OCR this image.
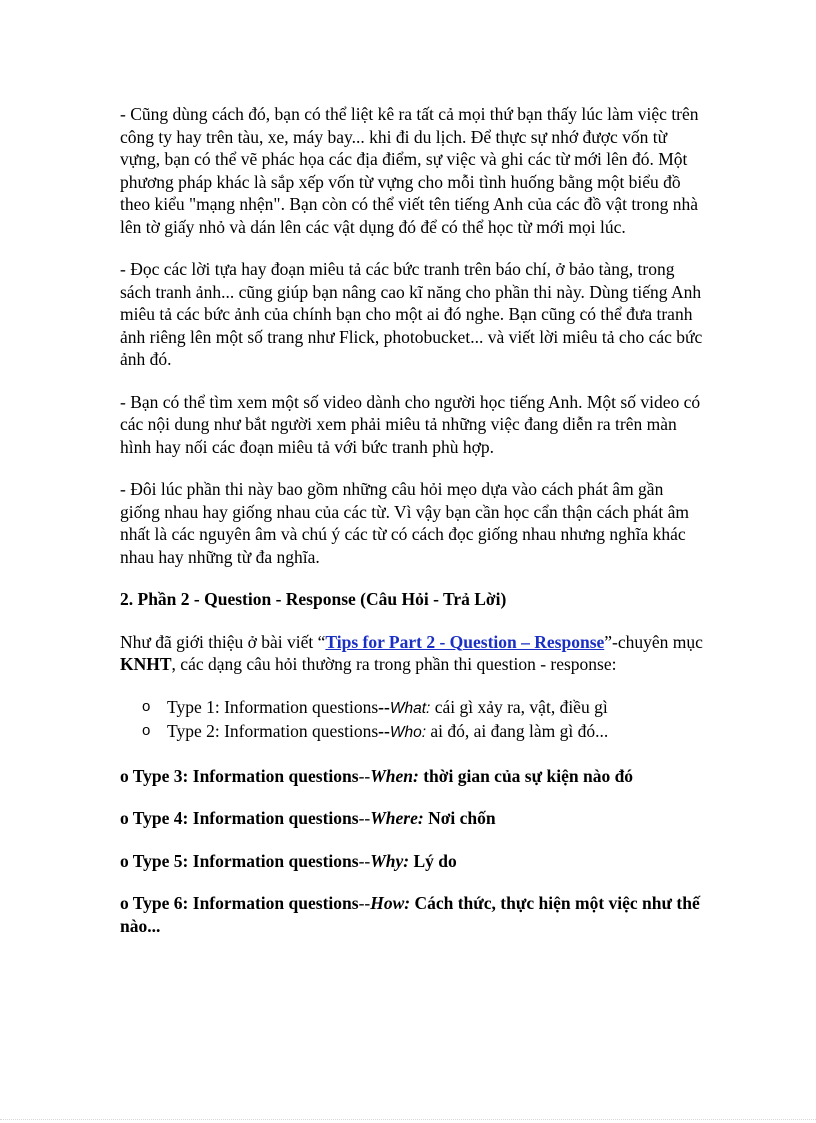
- Cũng dùng cách đó, bạn có thể liệt kê ra tất cả mọi thứ bạn thấy lúc làm việc trên công ty hay trên tàu, xe, máy bay... khi đi du lịch. Để thực sự nhớ được vốn từ vựng, bạn có thể vẽ phác họa các địa điểm, sự việc và ghi các từ mới lên đó. Một phương pháp khác là sắp xếp vốn từ vựng cho mỗi tình huống bằng một biểu đồ theo kiểu "mạng nhện". Bạn còn có thể viết tên tiếng Anh của các đồ vật trong nhà lên tờ giấy nhỏ và dán lên các vật dụng đó để có thể học từ mới mọi lúc.

- Đọc các lời tựa hay đoạn miêu tả các bức tranh trên báo chí, ở bảo tàng, trong sách tranh ảnh... cũng giúp bạn nâng cao kĩ năng cho phần thi này. Dùng tiếng Anh miêu tả các bức ảnh của chính bạn cho một ai đó nghe. Bạn cũng có thể đưa tranh ảnh riêng lên một số trang như Flick, photobucket... và viết lời miêu tả cho các bức ảnh đó.

- Bạn có thể tìm xem một số video dành cho người học tiếng Anh. Một số video có các nội dung như bắt người xem phải miêu tả những việc đang diễn ra trên màn hình hay nối các đoạn miêu tả với bức tranh phù hợp.

- Đôi lúc phần thi này bao gồm những câu hỏi mẹo dựa vào cách phát âm gần giống nhau hay giống nhau của các từ. Vì vậy bạn cần học cẩn thận cách phát âm nhất là các nguyên âm và chú ý các từ có cách đọc giống nhau nhưng nghĩa khác nhau hay những từ đa nghĩa.

2. Phần 2 - Question - Response (Câu Hỏi - Trả Lời)

Như đã giới thiệu ở bài viết “Tips for Part 2 - Question – Response”-chuyên mục KNHT, các dạng câu hỏi thường ra trong phần thi question - response:

o Type 1: Information questions--What: cái gì xảy ra, vật, điều gì
o Type 2: Information questions--Who: ai đó, ai đang làm gì đó...

o Type 3: Information questions--When: thời gian của sự kiện nào đó

o Type 4: Information questions--Where: Nơi chốn

o Type 5: Information questions--Why: Lý do

o Type 6: Information questions--How: Cách thức, thực hiện một việc như thế nào...
